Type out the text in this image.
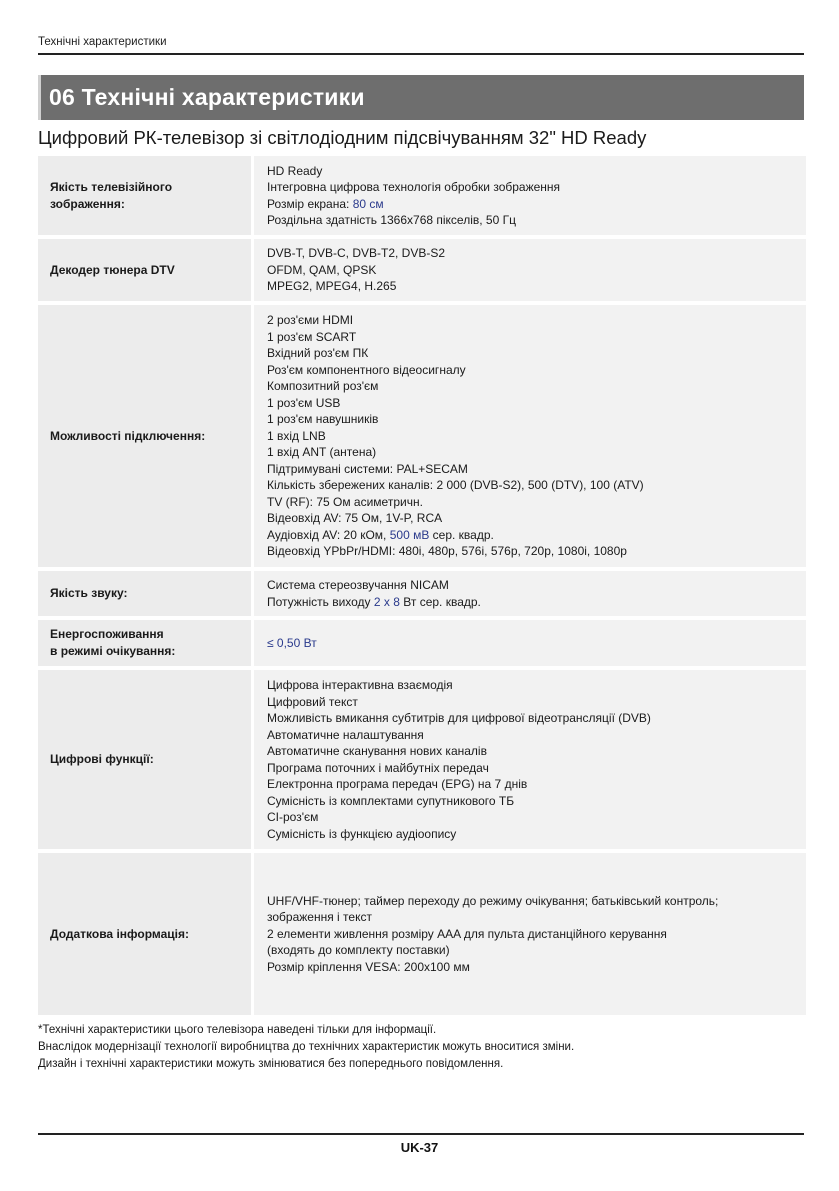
Технічні характеристики
06 Технічні характеристики
Цифровий РК-телевізор зі світлодіодним підсвічуванням 32" HD Ready
Якість телевізійного
зображення:
HD Ready
Інтегровна цифрова технологія обробки зображення
Розмір екрана: 80 см
Роздільна здатність 1366x768 пікселів, 50 Гц
Декодер тюнера DTV
DVB-T, DVB-C, DVB-T2, DVB-S2
OFDM, QAM, QPSK
MPEG2, MPEG4, H.265
Можливості підключення:
2 роз'єми HDMI
1 роз'єм SCART
Вхідний роз'єм ПК
Роз'єм компонентного відеосигналу
Композитний роз'єм
1 роз'єм USB
1 роз'єм навушників
1 вхід LNB
1 вхід ANT (антена)
Підтримувані системи: PAL+SECAM
Кількість збережених каналів: 2 000 (DVB-S2), 500 (DTV), 100 (ATV)
TV (RF): 75 Ом асиметричн.
Відеовхід AV: 75 Ом, 1V-P, RCA
Аудіовхід AV: 20 кОм, 500 мВ сер. квадр.
Відеовхід YPbPr/HDMI: 480i, 480p, 576i, 576p, 720p, 1080i, 1080p
Якість звуку:
Система стереозвучання NICAM
Потужність виходу 2 x 8 Вт сер. квадр.
Енергоспоживання
в режимі очікування:
≤ 0,50 Вт
Цифрові функції:
Цифрова інтерактивна взаємодія
Цифровий текст
Можливість вмикання субтитрів для цифрової відеотрансляції (DVB)
Автоматичне налаштування
Автоматичне сканування нових каналів
Програма поточних і майбутніх передач
Електронна програма передач (EPG) на 7 днів
Сумісність із комплектами супутникового ТБ
CI-роз'єм
Сумісність із функцією аудіоопису
Додаткова інформація:
UHF/VHF-тюнер; таймер переходу до режиму очікування; батьківський контроль;
зображення і текст
2 елементи живлення розміру AAA для пульта дистанційного керування
(входять до комплекту поставки)
Розмір кріплення VESA: 200x100 мм
*Технічні характеристики цього телевізора наведені тільки для інформації.
Внаслідок модернізації технології виробництва до технічних характеристик можуть вноситися зміни.
Дизайн і технічні характеристики можуть змінюватися без попереднього повідомлення.
UK-37
